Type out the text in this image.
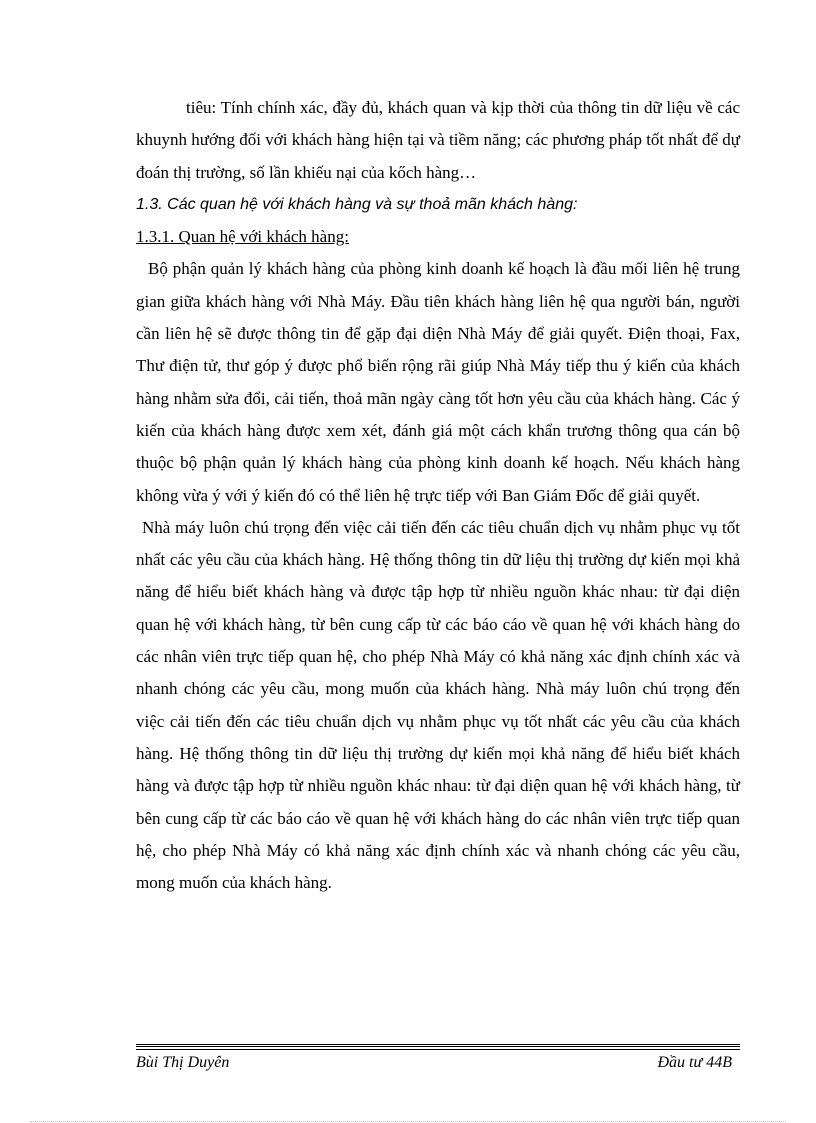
tiêu: Tính chính xác, đầy đủ, khách quan và kịp thời của thông tin dữ liệu về các khuynh hướng đối với khách hàng hiện tại và tiềm năng; các phương pháp tốt nhất để dự đoán thị trường, số lần khiếu nại của kőch hàng…

1.3. Các quan hệ với khách hàng và sự thoả mãn khách hàng:

1.3.1. Quan hệ với khách hàng:

Bộ phận quản lý khách hàng của phòng kinh doanh kế hoạch là đầu mối liên hệ trung gian giữa khách hàng với Nhà Máy. Đầu tiên khách hàng liên hệ qua người bán, người cần liên hệ sẽ được thông tin để gặp đại diện Nhà Máy để giải quyết. Điện thoại, Fax, Thư điện tử, thư góp ý được phổ biến rộng rãi giúp Nhà Máy tiếp thu ý kiến của khách hàng nhằm sửa đổi, cải tiến, thoả mãn ngày càng tốt hơn yêu cầu của khách hàng. Các ý kiến của khách hàng được xem xét, đánh giá một cách khẩn trương thông qua cán bộ thuộc bộ phận quản lý khách hàng của phòng kinh doanh kế hoạch. Nếu khách hàng không vừa ý với ý kiến đó có thể liên hệ trực tiếp với Ban Giám Đốc để giải quyết.

Nhà máy luôn chú trọng đến việc cải tiến đến các tiêu chuẩn dịch vụ nhằm phục vụ tốt nhất các yêu cầu của khách hàng. Hệ thống thông tin dữ liệu thị trường dự kiến mọi khả năng để hiểu biết khách hàng và được tập hợp từ nhiều nguồn khác nhau: từ đại diện quan hệ với khách hàng, từ bên cung cấp từ các báo cáo về quan hệ với khách hàng do các nhân viên trực tiếp quan hệ, cho phép Nhà Máy có khả năng xác định chính xác và nhanh chóng các yêu cầu, mong muốn của khách hàng. Nhà máy luôn chú trọng đến việc cải tiến đến các tiêu chuẩn dịch vụ nhằm phục vụ tốt nhất các yêu cầu của khách hàng. Hệ thống thông tin dữ liệu thị trường dự kiến mọi khả năng để hiểu biết khách hàng và được tập hợp từ nhiều nguồn khác nhau: từ đại diện quan hệ với khách hàng, từ bên cung cấp từ các báo cáo về quan hệ với khách hàng do các nhân viên trực tiếp quan hệ, cho phép Nhà Máy có khả năng xác định chính xác và nhanh chóng các yêu cầu, mong muốn của khách hàng.

Bùi Thị Duyên	Đầu tư 44B
